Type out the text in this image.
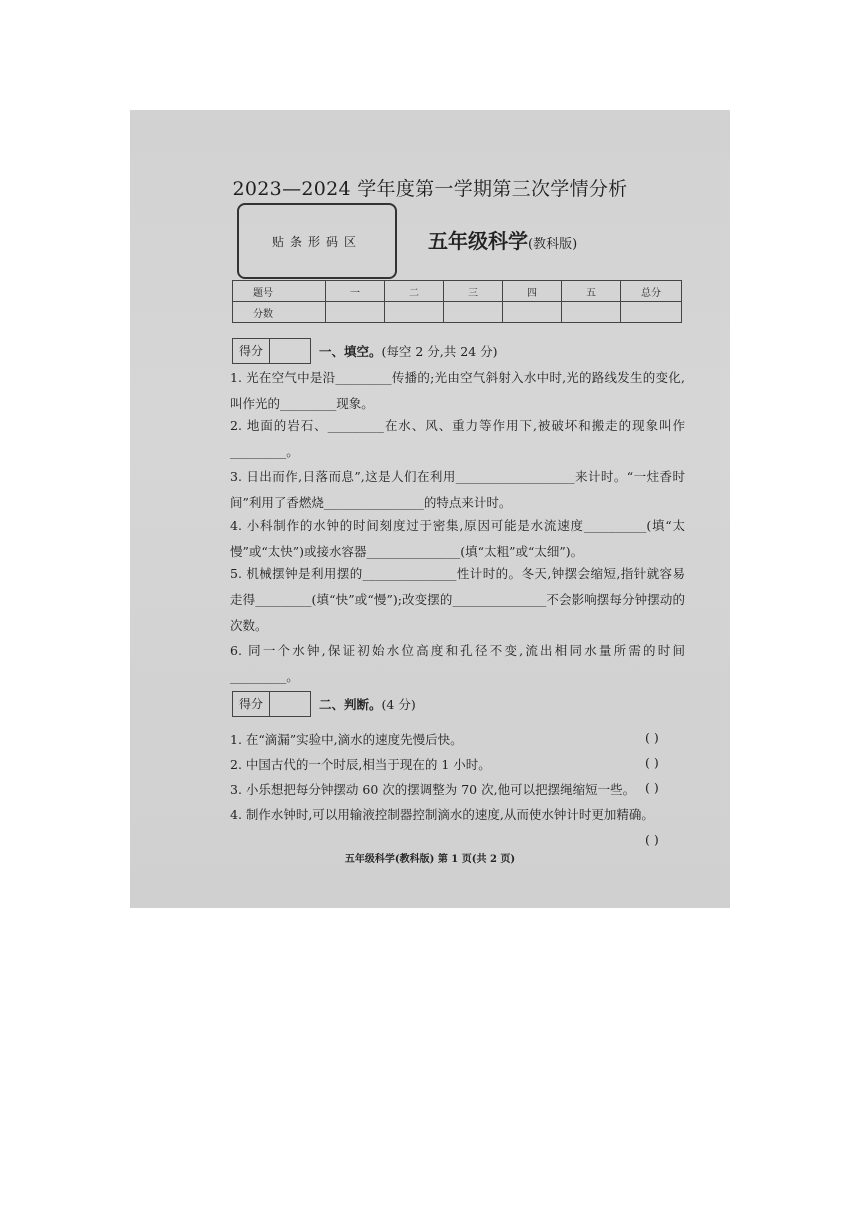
2023—2024 学年度第一学期第三次学情分析
贴条形码区	五年级科学(教科版)
题号	一	二	三	四	五	总分
分数						
得分	一、填空。(每空 2 分,共 24 分)
1. 光在空气中是沿_________传播的;光由空气斜射入水中时,光的路线发生的变化,叫作光的_________现象。
2. 地面的岩石、_________在水、风、重力等作用下,被破坏和搬走的现象叫作_________。
3. 日出而作,日落而息”,这是人们在利用___________________来计时。“一炷香时间”利用了香燃烧________________的特点来计时。
4. 小科制作的水钟的时间刻度过于密集,原因可能是水流速度__________(填“太慢”或“太快”)或接水容器_______________(填“太粗”或“太细”)。
5. 机械摆钟是利用摆的_______________性计时的。冬天,钟摆会缩短,指针就容易走得_________(填“快”或“慢”);改变摆的_______________不会影响摆每分钟摆动的次数。
6. 同一个水钟,保证初始水位高度和孔径不变,流出相同水量所需的时间_________。
得分	二、判断。(4 分)
1. 在“滴漏”实验中,滴水的速度先慢后快。	( )
2. 中国古代的一个时辰,相当于现在的 1 小时。	( )
3. 小乐想把每分钟摆动 60 次的摆调整为 70 次,他可以把摆绳缩短一些。 ( )
4. 制作水钟时,可以用输液控制器控制滴水的速度,从而使水钟计时更加精确。
( )
五年级科学(教科版) 第 1 页(共 2 页)
